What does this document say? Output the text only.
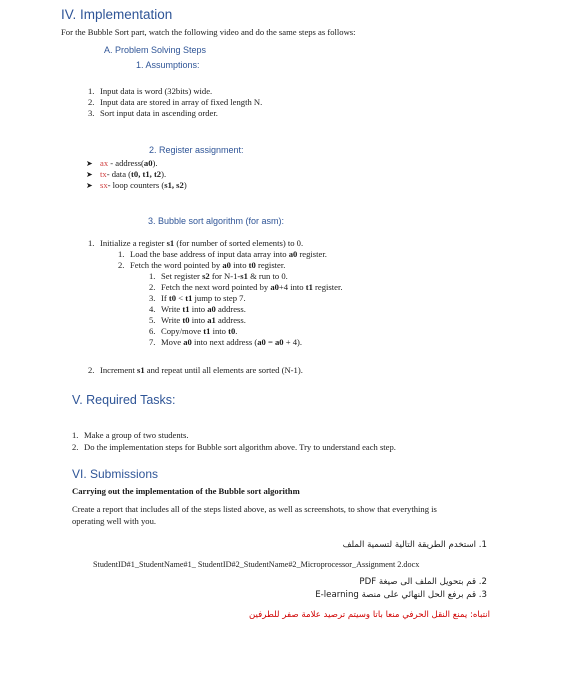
IV. Implementation
For the Bubble Sort part, watch the following video and do the same steps as follows:
A. Problem Solving Steps
1. Assumptions:
1. Input data is word (32bits) wide.
2. Input data are stored in array of fixed length N.
3. Sort input data in ascending order.
2. Register assignment:
➤ ax - address(a0).
➤ tx- data (t0, t1, t2).
➤ sx- loop counters (s1, s2)
3. Bubble sort algorithm (for asm):
1. Initialize a register s1 (for number of sorted elements) to 0.
1. Load the base address of input data array into a0 register.
2. Fetch the word pointed by a0 into t0 register.
1. Set register s2 for N-1-s1 & run to 0.
2. Fetch the next word pointed by a0+4 into t1 register.
3. If t0 < t1 jump to step 7.
4. Write t1 into a0 address.
5. Write t0 into a1 address.
6. Copy/move t1 into t0.
7. Move a0 into next address (a0 = a0 + 4).
2. Increment s1 and repeat until all elements are sorted (N-1).
V. Required Tasks:
1. Make a group of two students.
2. Do the implementation steps for Bubble sort algorithm above. Try to understand each step.
VI. Submissions
Carrying out the implementation of the Bubble sort algorithm
Create a report that includes all of the steps listed above, as well as screenshots, to show that everything is
operating well with you.
1. استخدم الطريقة التالية لتسمية الملف
StudentID#1_StudentName#1_ StudentID#2_StudentName#2_Microprocessor_Assignment 2.docx
2. قم بتحويل الملف الى صيغة PDF
3. قم برفع الحل النهائي على منصة E-learning
انتباه: يمنع النقل الحرفي منعا باتا وسيتم ترصيد علامة صفر للطرفين
